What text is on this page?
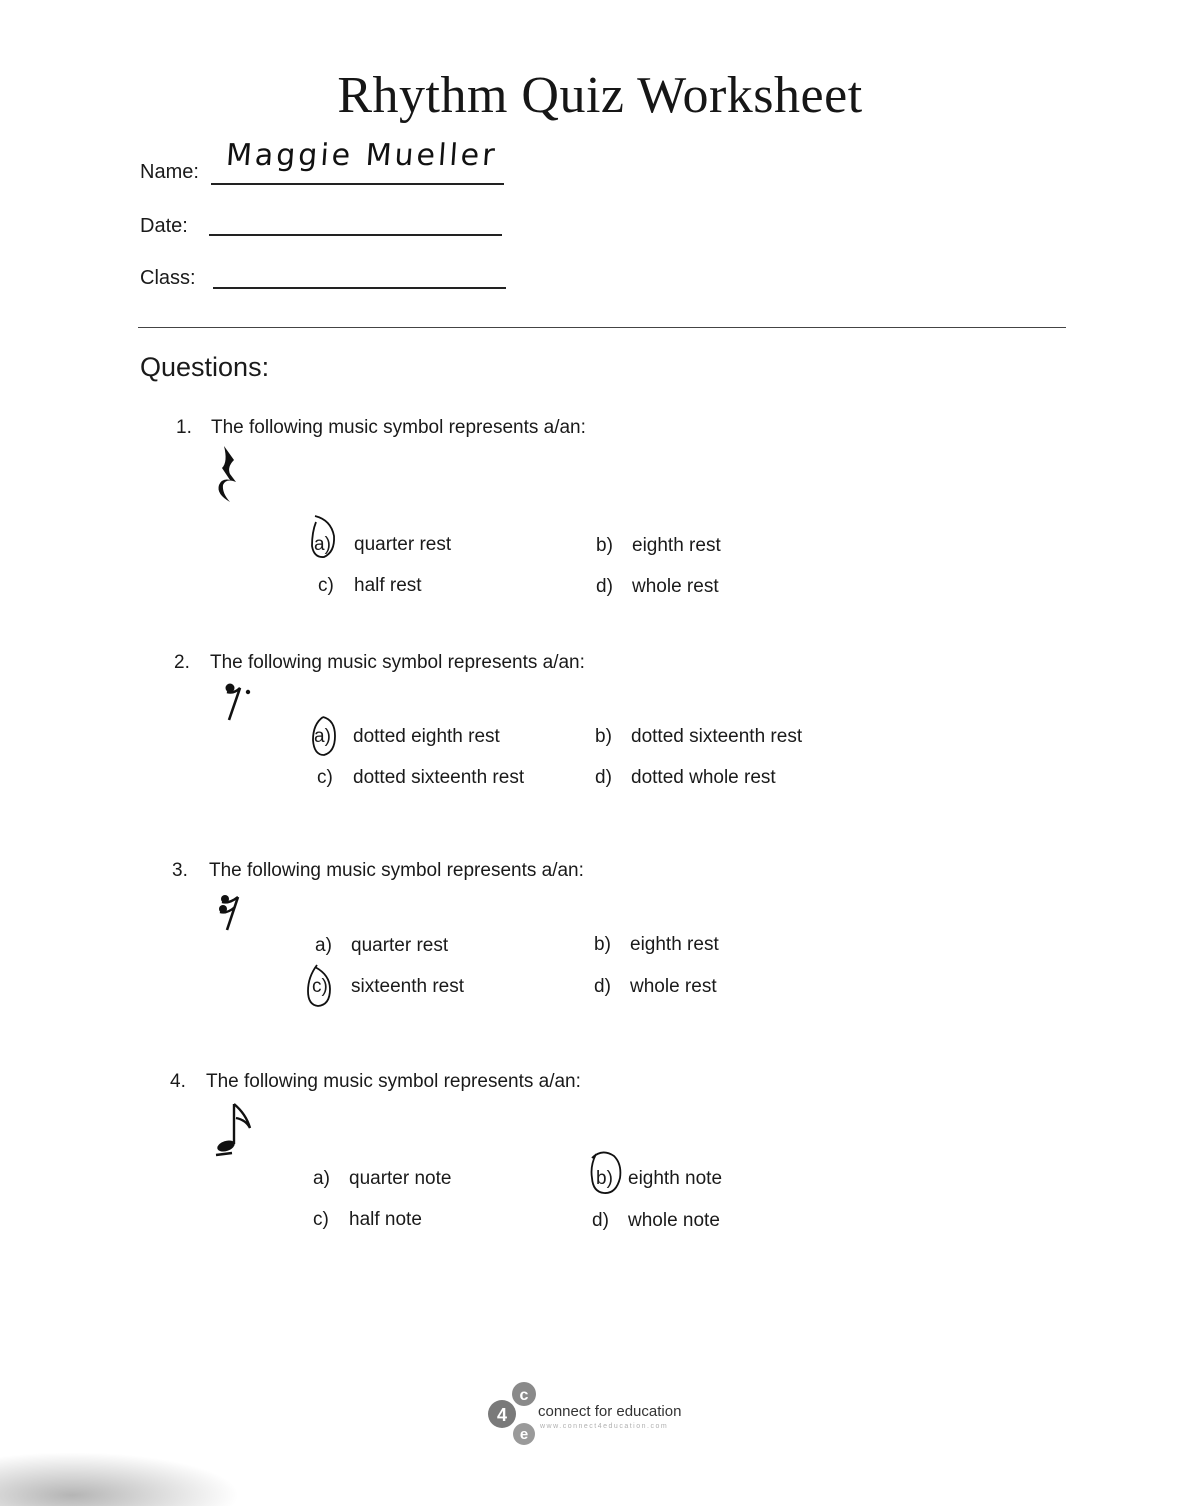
Rhythm Quiz Worksheet
Name: Maggie Mueller
Date:
Class:
Questions:
1. The following music symbol represents a/an:
a) quarter rest	b) eighth rest
c) half rest	d) whole rest
2. The following music symbol represents a/an:
a) dotted eighth rest	b) dotted sixteenth rest
c) dotted sixteenth rest	d) dotted whole rest
3. The following music symbol represents a/an:
a) quarter rest	b) eighth rest
c) sixteenth rest	d) whole rest
4. The following music symbol represents a/an:
a) quarter note	b) eighth note
c) half note	d) whole note
4
c
e
connect for education
www.connect4education.com
